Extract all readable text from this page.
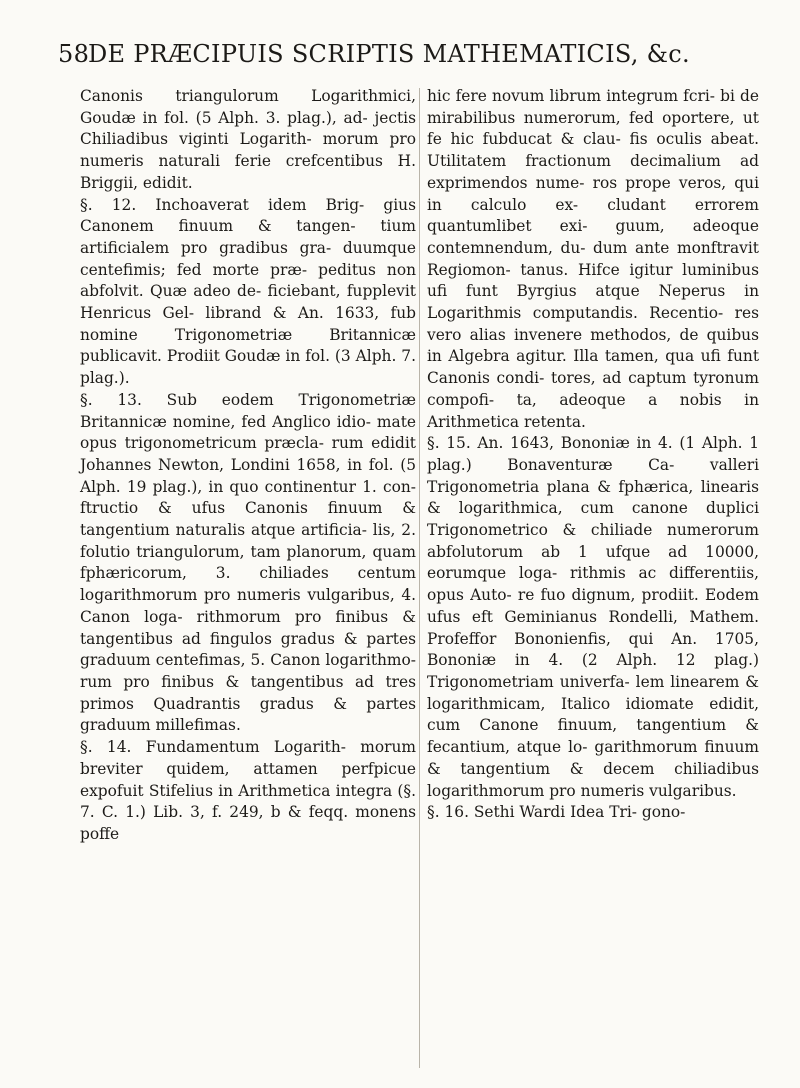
58 DE PRÆCIPUIS SCRIPTIS MATHEMATICIS, &c.

Canonis triangulorum Logarithmici, Goudæ in fol. (5 Alph. 3. plag.), ad- jectis Chiliadibus viginti Logarith- morum pro numeris naturali ferie crefcentibus H. Briggii, edidit.

§. 12. Inchoaverat idem Brig- gius Canonem finuum & tangen- tium artificialem pro gradibus gra- duumque centefimis; fed morte præ- peditus non abfolvit. Quæ adeo de- ficiebant, fupplevit Henricus Gel- librand & An. 1633, fub nomine Trigonometriæ Britannicæ publicavit. Prodiit Goudæ in fol. (3 Alph. 7. plag.).

§. 13. Sub eodem Trigonometriæ Britannicæ nomine, fed Anglico idio- mate opus trigonometricum præcla- rum edidit Johannes Newton, Londini 1658, in fol. (5 Alph. 19 plag.), in quo continentur 1. con- ftructio & ufus Canonis finuum & tangentium naturalis atque artificia- lis, 2. folutio triangulorum, tam planorum, quam fphæricorum, 3. chiliades centum logarithmorum pro numeris vulgaribus, 4. Canon loga- rithmorum pro finibus & tangentibus ad fingulos gradus & partes graduum centefimas, 5. Canon logarithmo- rum pro finibus & tangentibus ad tres primos Quadrantis gradus & partes graduum millefimas.

§. 14. Fundamentum Logarith- morum breviter quidem, attamen perfpicue expofuit Stifelius in Arithmetica integra (§. 7. C. 1.) Lib. 3, f. 249, b & feqq. monens poffe

hic fere novum librum integrum fcri- bi de mirabilibus numerorum, fed oportere, ut fe hic fubducat & clau- fis oculis abeat. Utilitatem fractionum decimalium ad exprimendos nume- ros prope veros, qui in calculo ex- cludant errorem quantumlibet exi- guum, adeoque contemnendum, du- dum ante monftravit Regiomon- tanus. Hifce igitur luminibus ufi funt Byrgius atque Neperus in Logarithmis computandis. Recentio- res vero alias invenere methodos, de quibus in Algebra agitur. Illa tamen, qua ufi funt Canonis condi- tores, ad captum tyronum compofi- ta, adeoque a nobis in Arithmetica retenta.

§. 15. An. 1643, Bononiæ in 4. (1 Alph. 1 plag.) Bonaventuræ Ca- valleri Trigonometria plana & fphærica, linearis & logarithmica, cum canone duplici Trigonometrico & chiliade numerorum abfolutorum ab 1 ufque ad 10000, eorumque loga- rithmis ac differentiis, opus Auto- re fuo dignum, prodiit. Eodem ufus eft Geminianus Rondelli, Mathem. Profeffor Bononienfis, qui An. 1705, Bononiæ in 4. (2 Alph. 12 plag.) Trigonometriam univerfa- lem linearem & logarithmicam, Italico idiomate edidit, cum Canone finuum, tangentium & fecantium, atque lo- garithmorum finuum & tangentium & decem chiliadibus logarithmorum pro numeris vulgaribus.

§. 16. Sethi Wardi Idea Tri- gono-
